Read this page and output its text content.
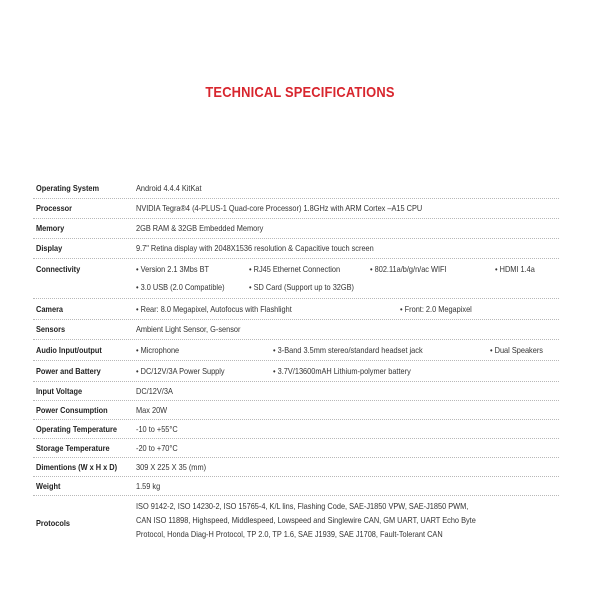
TECHNICAL SPECIFICATIONS
Operating System	Android 4.4.4 KitKat
Processor	NVIDIA Tegra®4 (4-PLUS-1 Quad-core Processor) 1.8GHz with ARM Cortex –A15 CPU
Memory	2GB RAM & 32GB Embedded Memory
Display	9.7" Retina display with 2048X1536 resolution & Capacitive touch screen
Connectivity	• Version 2.1 3Mbs BT	• RJ45 Ethernet Connection	• 802.11a/b/g/n/ac WIFI	• HDMI 1.4a
• 3.0 USB (2.0 Compatible)	• SD Card (Support up to 32GB)
Camera	• Rear: 8.0 Megapixel, Autofocus with Flashlight	• Front: 2.0 Megapixel
Sensors	Ambient Light Sensor, G-sensor
Audio Input/output	• Microphone	• 3-Band 3.5mm stereo/standard headset jack	• Dual Speakers
Power and Battery	• DC/12V/3A Power Supply	• 3.7V/13600mAH Lithium-polymer battery
Input Voltage	DC/12V/3A
Power Consumption	Max 20W
Operating Temperature -10 to +55°C
Storage Temperature	-20 to +70°C
Dimentions (W x H x D) 309 X 225 X 35 (mm)
Weight	1.59 kg
Protocols
ISO 9142-2, ISO 14230-2, ISO 15765-4, K/L lins, Flashing Code, SAE-J1850 VPW, SAE-J1850 PWM,
CAN ISO 11898, Highspeed, Middlespeed, Lowspeed and Singlewire CAN, GM UART, UART Echo Byte
Protocol, Honda Diag-H Protocol, TP 2.0, TP 1.6, SAE J1939, SAE J1708, Fault-Tolerant CAN
